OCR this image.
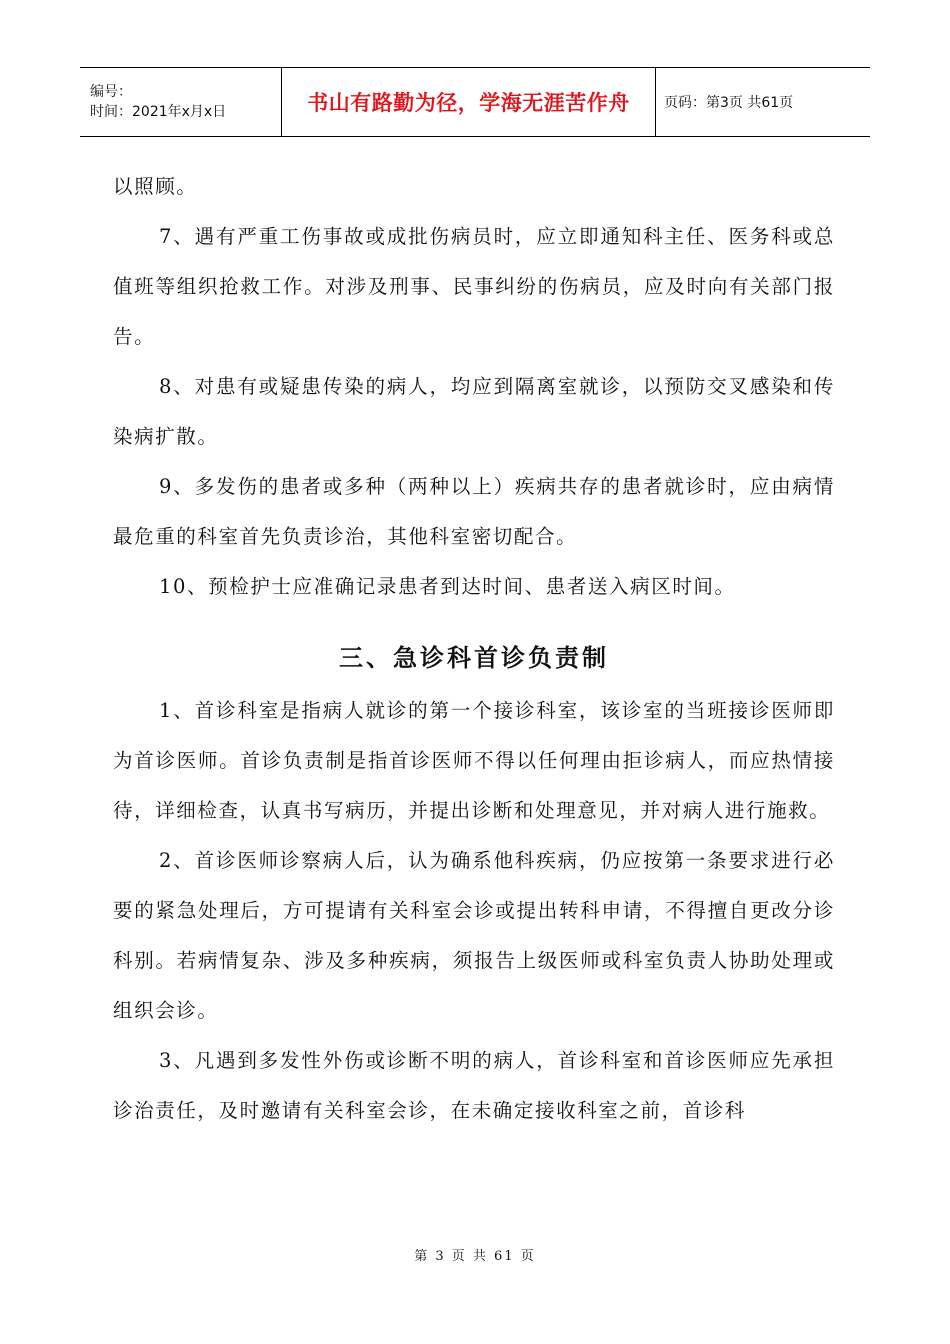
编号：
时间：2021年x月x日	书山有路勤为径，学海无涯苦作舟	页码：第3页 共61页

以照顾。

7、遇有严重工伤事故或成批伤病员时，应立即通知科主任、医务科或总值班等组织抢救工作。对涉及刑事、民事纠纷的伤病员，应及时向有关部门报告。

8、对患有或疑患传染的病人，均应到隔离室就诊，以预防交叉感染和传染病扩散。

9、多发伤的患者或多种（两种以上）疾病共存的患者就诊时，应由病情最危重的科室首先负责诊治，其他科室密切配合。

10、预检护士应准确记录患者到达时间、患者送入病区时间。

三、急诊科首诊负责制

1、首诊科室是指病人就诊的第一个接诊科室，该诊室的当班接诊医师即为首诊医师。首诊负责制是指首诊医师不得以任何理由拒诊病人，而应热情接待，详细检查，认真书写病历，并提出诊断和处理意见，并对病人进行施救。

2、首诊医师诊察病人后，认为确系他科疾病，仍应按第一条要求进行必要的紧急处理后，方可提请有关科室会诊或提出转科申请，不得擅自更改分诊科别。若病情复杂、涉及多种疾病，须报告上级医师或科室负责人协助处理或组织会诊。

3、凡遇到多发性外伤或诊断不明的病人，首诊科室和首诊医师应先承担诊治责任，及时邀请有关科室会诊，在未确定接收科室之前，首诊科

第 3 页 共 61 页
